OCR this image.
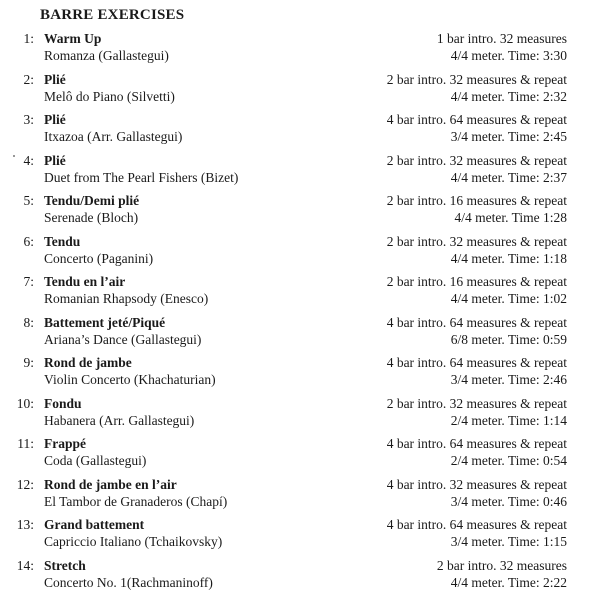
BARRE EXERCISES
1: Warm Up
Romanza (Gallastegui)
1 bar intro. 32 measures
4/4 meter. Time: 3:30
2: Plié
Melô do Piano (Silvetti)
2 bar intro. 32 measures & repeat
4/4 meter. Time: 2:32
3: Plié
Itxazoa (Arr. Gallastegui)
4 bar intro. 64 measures & repeat
3/4 meter. Time: 2:45
4: Plié
Duet from The Pearl Fishers (Bizet)
2 bar intro. 32 measures & repeat
4/4 meter. Time: 2:37
5: Tendu/Demi plié
Serenade (Bloch)
2 bar intro. 16 measures & repeat
4/4 meter. Time 1:28
6: Tendu
Concerto (Paganini)
2 bar intro. 32 measures & repeat
4/4 meter. Time: 1:18
7: Tendu en l’air
Romanian Rhapsody (Enesco)
2 bar intro. 16 measures & repeat
4/4 meter. Time: 1:02
8: Battement jeté/Piqué
Ariana’s Dance (Gallastegui)
4 bar intro. 64 measures & repeat
6/8 meter. Time: 0:59
9: Rond de jambe
Violin Concerto (Khachaturian)
4 bar intro. 64 measures & repeat
3/4 meter. Time: 2:46
10: Fondu
Habanera (Arr. Gallastegui)
2 bar intro. 32 measures & repeat
2/4 meter. Time: 1:14
11: Frappé
Coda (Gallastegui)
4 bar intro. 64 measures & repeat
2/4 meter. Time: 0:54
12: Rond de jambe en l’air
El Tambor de Granaderos (Chapí)
4 bar intro. 32 measures & repeat
3/4 meter. Time: 0:46
13: Grand battement
Capriccio Italiano (Tchaikovsky)
4 bar intro. 64 measures & repeat
3/4 meter. Time: 1:15
14: Stretch
Concerto No. 1(Rachmaninoff)
2 bar intro. 32 measures
4/4 meter. Time: 2:22
